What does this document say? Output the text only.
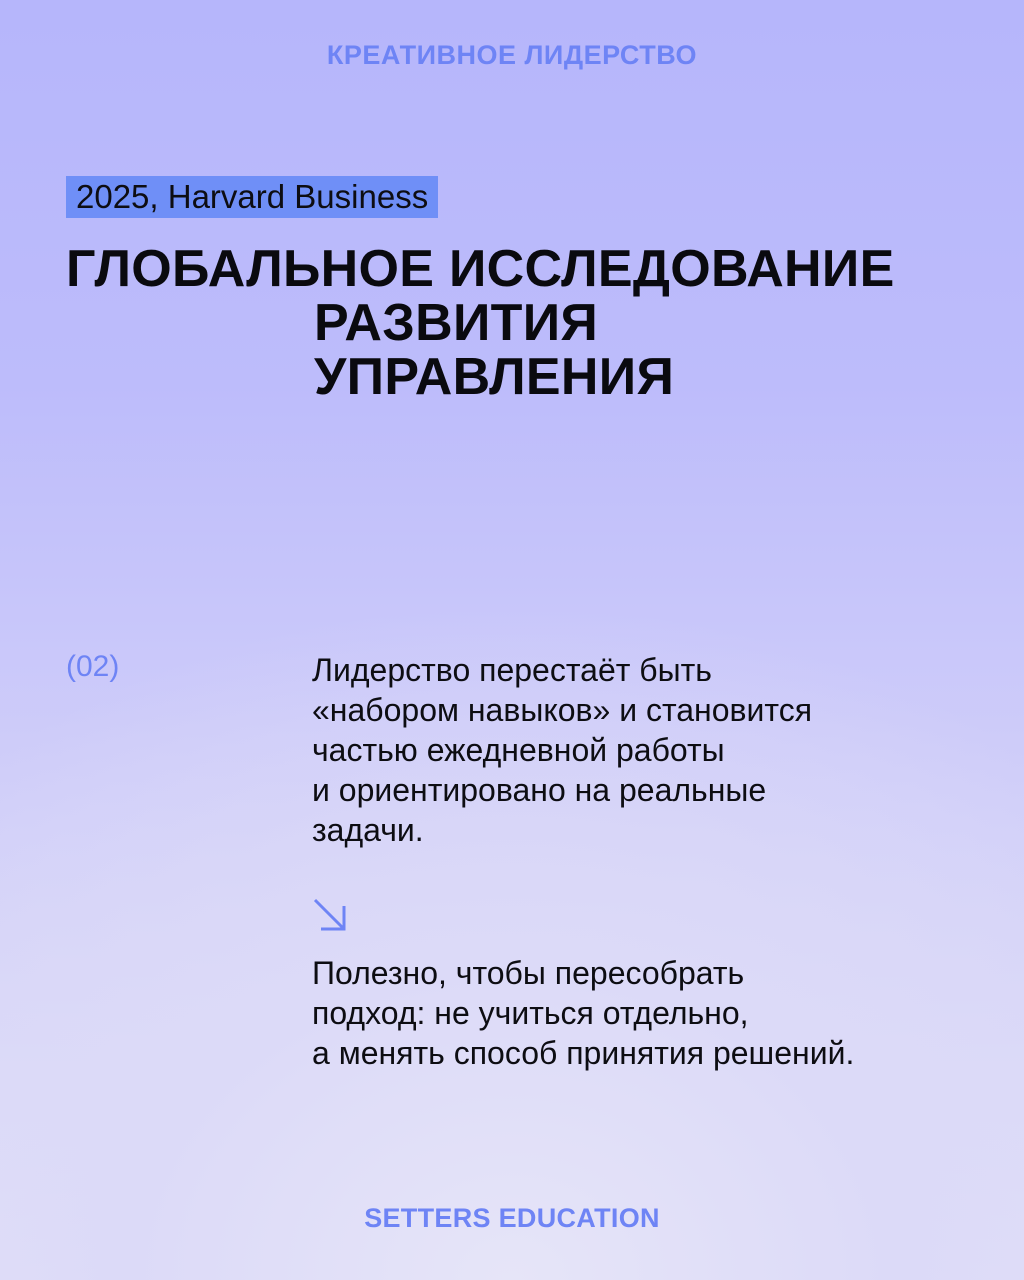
КРЕАТИВНОЕ ЛИДЕРСТВО
2025, Harvard Business
ГЛОБАЛЬНОЕ ИССЛЕДОВАНИЕ
РАЗВИТИЯ
УПРАВЛЕНИЯ
(02)	Лидерство перестаёт быть
«набором навыков» и становится
частью ежедневной работы
и ориентировано на реальные
задачи.
Полезно, чтобы пересобрать
подход: не учиться отдельно,
а менять способ принятия решений.
SETTERS EDUCATION
